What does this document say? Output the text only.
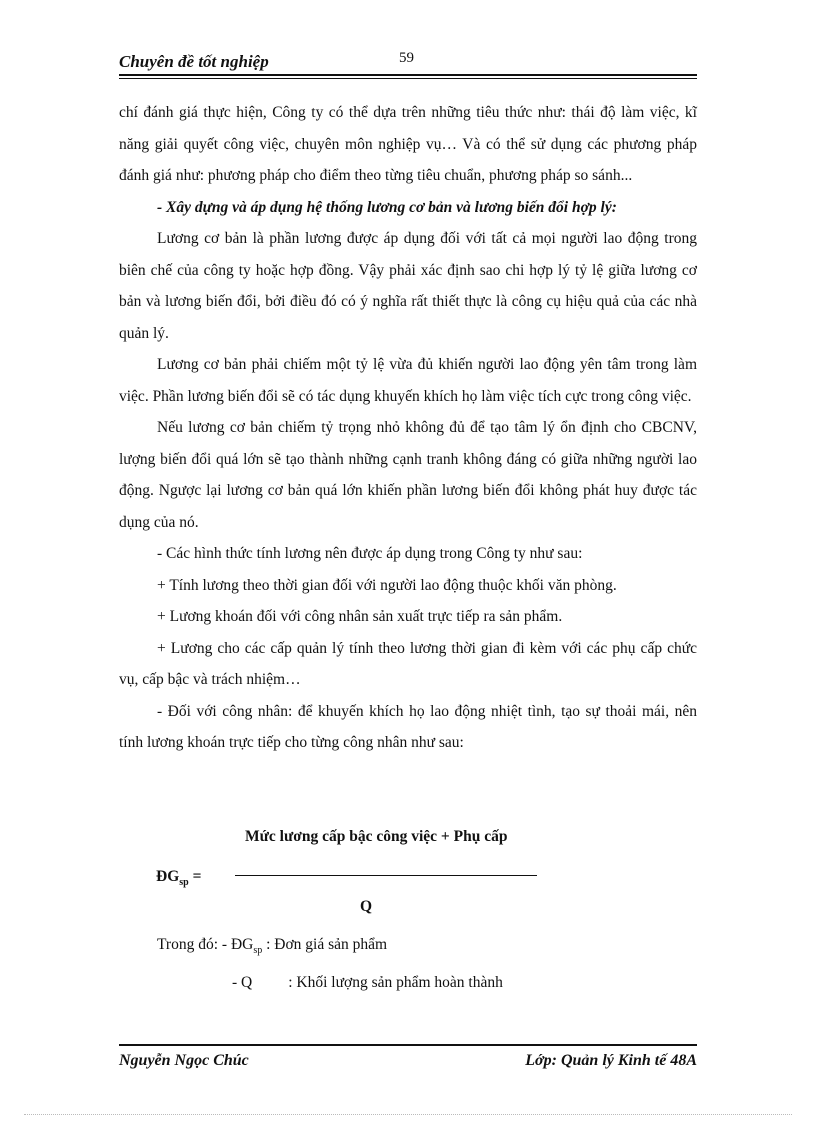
Chuyên đề tốt nghiệp	59

chí đánh giá thực hiện, Công ty có thể dựa trên những tiêu thức như: thái độ làm việc, kĩ năng giải quyết công việc, chuyên môn nghiệp vụ… Và có thể sử dụng các phương pháp đánh giá như: phương pháp cho điểm theo từng tiêu chuẩn, phương pháp so sánh...

- Xây dựng và áp dụng hệ thống lương cơ bản và lương biến đổi hợp lý:

Lương cơ bản là phần lương được áp dụng đối với tất cả mọi người lao động trong biên chế của công ty hoặc hợp đồng. Vậy phải xác định sao chi hợp lý tỷ lệ giữa lương cơ bản và lương biến đổi, bởi điều đó có ý nghĩa rất thiết thực là công cụ hiệu quả của các nhà quản lý.

Lương cơ bản phải chiếm một tỷ lệ vừa đủ khiến người lao động yên tâm trong làm việc. Phần lương biến đổi sẽ có tác dụng khuyến khích họ làm việc tích cực trong công việc.

Nếu lương cơ bản chiếm tỷ trọng nhỏ không đủ để tạo tâm lý ổn định cho CBCNV, lượng biến đổi quá lớn sẽ tạo thành những cạnh tranh không đáng có giữa những người lao động. Ngược lại lương cơ bản quá lớn khiến phần lương biến đổi không phát huy được tác dụng của nó.

- Các hình thức tính lương nên được áp dụng trong Công ty như sau:

+ Tính lương theo thời gian đối với người lao động thuộc khối văn phòng.

+ Lương khoán đối với công nhân sản xuất trực tiếp ra sản phẩm.

+ Lương cho các cấp quản lý tính theo lương thời gian đi kèm với các phụ cấp chức vụ, cấp bậc và trách nhiệm…

- Đối với công nhân: để khuyến khích họ lao động nhiệt tình, tạo sự thoải mái, nên tính lương khoán trực tiếp cho từng công nhân như sau:

Mức lương cấp bậc công việc + Phụ cấp
$ĐG_{sp}$ =
Q
Trong đó: - $ĐG_{sp}$ : Đơn giá sản phẩm
- Q : Khối lượng sản phẩm hoàn thành
Nguyễn Ngọc Chúc	Lớp: Quản lý Kinh tế 48A
